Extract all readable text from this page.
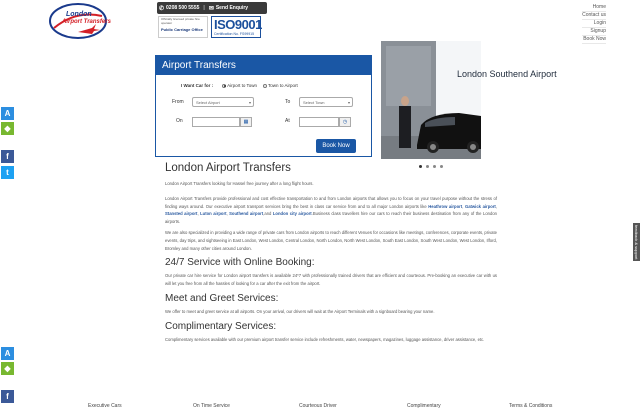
London
Airport Transfers
✆ 0208 500 5555 | ✉ Send Enquiry
Officially licensed private hire operator
Public Carriage Office ISO9001
Certification No. FS99915
Home
Contact us
Login
Signup
Book Now
Airport Transfers
I Want Car for :	Airport to Town Town to Airport
From	Select Airport	▾	To	Select Town	▾
On	▦	At	◷
Book Now
London Southend Airport
London Airport Transfers

London Airport Transfers looking for Hassel free journey after a long flight hours.

London Airport Transfers provide professional and cost effective transportation to and from London airports that allows you to focus on your travel purpose without the stress of finding ways around. Our executive airport transport services bring the best in class car service from and to all major London airports like Heathrow airport, Gatwick airport, Stansted airport, Luton airport, Southend airport,and London city airport.Business class travellers hire our cars to reach their business destination from any of the London airports.

We are also specialized in providing a wide range of private cars from London airports to reach different Venues for occasions like meetings, conferences, corporate events, private events, day trips, and sightseeing in East London, West London, Central London, North London, North West London, South East London, South West London, West London, Ilford, Bromley and many other cities around London.

24/7 Service with Online Booking:

Our private car hire service for London airport transfers is available 24*7 with professionally trained drivers that are efficient and courteous. Pre-booking an executive car with us will let you free from all the hassles of looking for a car after the exit from the airport.

Meet and Greet Services:

We offer to meet and greet service at all airports. On your arrival, our drivers will wait at the Airport Terminals with a signboard bearing your name.

Complimentary Services:

Complimentary services available with our premium airport transfer service include refreshments, water, newspapers, magazines, luggage assistance, driver assistance, etc.

A
◆
f
t
A
◆
f
feedback & support
Executive Cars	On Time Service	Courteous Driver	Complimentary	Terms & Conditions
